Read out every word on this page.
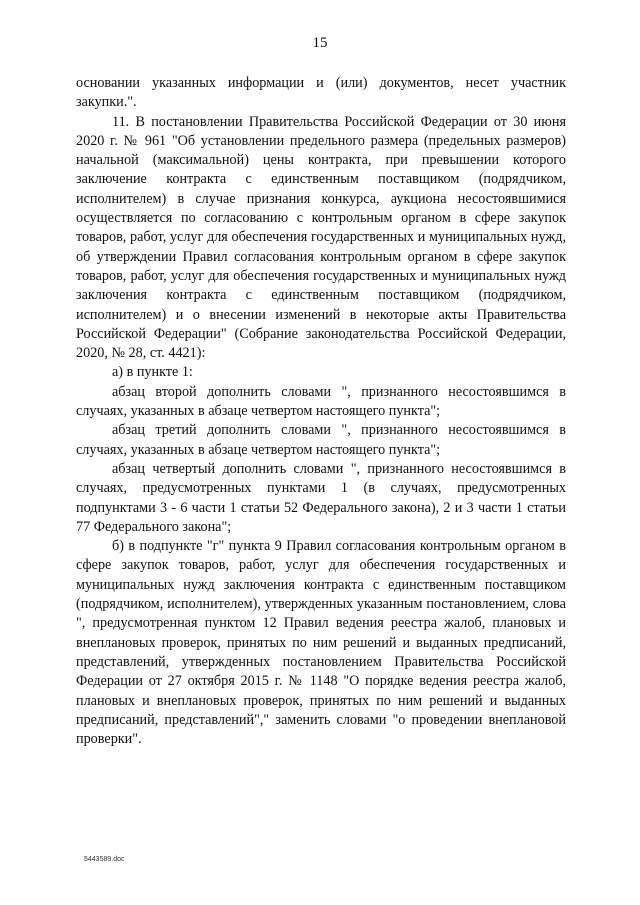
15

основании указанных информации и (или) документов, несет участник закупки.".

11. В постановлении Правительства Российской Федерации от 30 июня 2020 г. № 961 "Об установлении предельного размера (предельных размеров) начальной (максимальной) цены контракта, при превышении которого заключение контракта с единственным поставщиком (подрядчиком, исполнителем) в случае признания конкурса, аукциона несостоявшимися осуществляется по согласованию с контрольным органом в сфере закупок товаров, работ, услуг для обеспечения государственных и муниципальных нужд, об утверждении Правил согласования контрольным органом в сфере закупок товаров, работ, услуг для обеспечения государственных и муниципальных нужд заключения контракта с единственным поставщиком (подрядчиком, исполнителем) и о внесении изменений в некоторые акты Правительства Российской Федерации" (Собрание законодательства Российской Федерации, 2020, № 28, ст. 4421):

а) в пункте 1:

абзац второй дополнить словами ", признанного несостоявшимся в случаях, указанных в абзаце четвертом настоящего пункта";

абзац третий дополнить словами ", признанного несостоявшимся в случаях, указанных в абзаце четвертом настоящего пункта";

абзац четвертый дополнить словами ", признанного несостоявшимся в случаях, предусмотренных пунктами 1 (в случаях, предусмотренных подпунктами 3 - 6 части 1 статьи 52 Федерального закона), 2 и 3 части 1 статьи 77 Федерального закона";

б) в подпункте "г" пункта 9 Правил согласования контрольным органом в сфере закупок товаров, работ, услуг для обеспечения государственных и муниципальных нужд заключения контракта с единственным поставщиком (подрядчиком, исполнителем), утвержденных указанным постановлением, слова ", предусмотренная пунктом 12 Правил ведения реестра жалоб, плановых и внеплановых проверок, принятых по ним решений и выданных предписаний, представлений, утвержденных постановлением Правительства Российской Федерации от 27 октября 2015 г. № 1148 "О порядке ведения реестра жалоб, плановых и внеплановых проверок, принятых по ним решений и выданных предписаний, представлений"," заменить словами "о проведении внеплановой проверки".

5443589.doc
